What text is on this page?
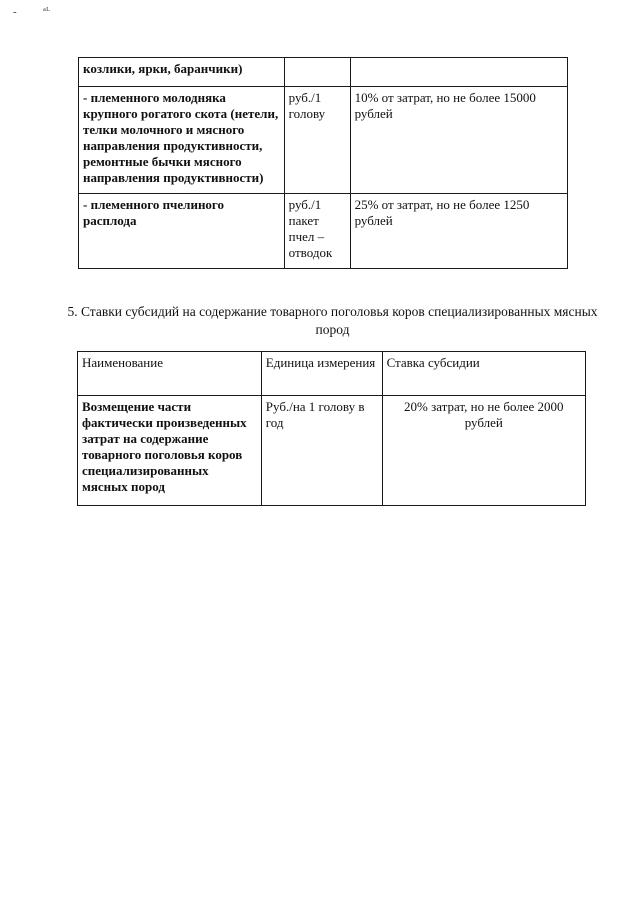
- ᵃᴸ
козлики, ярки, баранчики)		
- племенного молодняка крупного рогатого скота (нетели, телки молочного и мясного направления продуктивности, ремонтные бычки мясного направления продуктивности)	руб./1 голову	10% от затрат, но не более 15000 рублей
- племенного пчелиного расплода	руб./1 пакет пчел – отводок	25% от затрат, но не более 1250 рублей
5. Ставки субсидий на содержание товарного поголовья коров специализированных мясных пород
Наименование	Единица измерения	Ставка субсидии
Возмещение части фактически произведенных затрат на содержание товарного поголовья коров специализированных мясных пород	Руб./на 1 голову в год	20% затрат, но не более 2000 рублей
